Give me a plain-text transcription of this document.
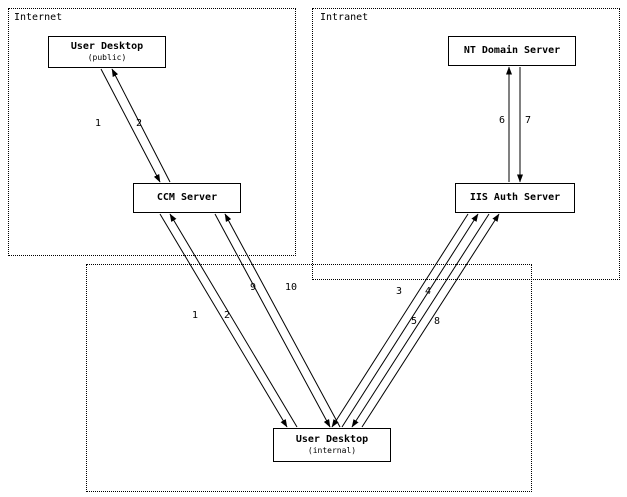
Internet	Intranet
User Desktop
(public)
CCM Server
NT Domain Server
IIS Auth Server
User Desktop
(internal)
1	2	6 7
9	10
1	2
3 4
5 8
